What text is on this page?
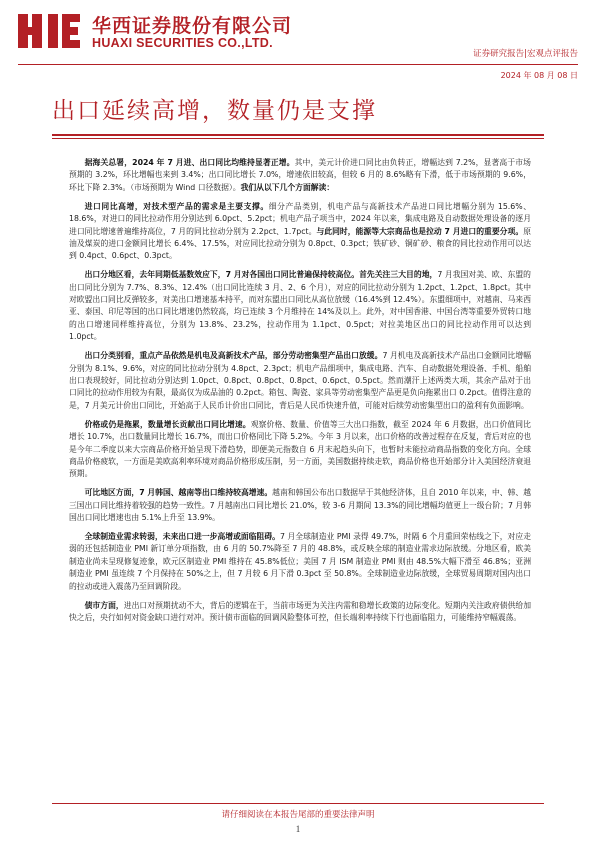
华西证券股份有限公司
HUAXI SECURITIES CO.,LTD.
证券研究报告|宏观点评报告
2024 年 08 月 08 日
出口延续高增，数量仍是支撑

据海关总署，2024 年 7 月进、出口同比均维持显著正增。其中，美元计价进口同比由负转正，增幅达到 7.2%，显著高于市场预期的 3.2%，环比增幅也来到 3.4%；出口同比增长 7.0%，增速依旧较高，但较 6 月的 8.6%略有下滑，低于市场预期的 9.6%，环比下降 2.3%。（市场预期为 Wind 口径数据）。我们从以下几个方面解读：

进口同比高增，对技术型产品的需求是主要支撑。细分产品类别，机电产品与高新技术产品进口同比增幅分别为 15.6%、18.6%，对进口的同比拉动作用分别达到 6.0pct、5.2pct；机电产品子项当中，2024 年以来，集成电路及自动数据处理设备的逐月进口同比增速普遍维持高位，7 月的同比拉动分别为 2.2pct、1.7pct。与此同时，能源等大宗商品也是拉动 7 月进口的重要分项。原油及煤炭的进口金额同比增长 6.4%、17.5%，对应同比拉动分别为 0.8pct、0.3pct；铁矿砂、铜矿砂、粮食的同比拉动作用可以达到 0.4pct、0.6pct、0.3pct。

出口分地区看，去年同期低基数效应下，7 月对各国出口同比普遍保持较高位。首先关注三大目的地，7 月我国对美、欧、东盟的出口同比分别为 7.7%、8.3%、12.4%（出口同比连续 3 月、2、6 个月），对应的同比拉动分别为 1.2pct、1.2pct、1.8pct。其中对欧盟出口同比反弹较多，对美出口增速基本持平，而对东盟出口同比从高位放缓（16.4%到 12.4%）。东盟细项中，对越南、马来西亚、泰国、印尼等国的出口同比增速仍然较高，均已连续 3 个月维持在 14%及以上。此外，对中国香港、中国台湾等重要外贸转口地的出口增速同样维持高位，分别为 13.8%、23.2%，拉动作用为 1.1pct、0.5pct；对拉美地区出口的同比拉动作用可以达到 1.0pct。

出口分类别看，重点产品依然是机电及高新技术产品，部分劳动密集型产品出口放缓。7 月机电及高新技术产品出口金额同比增幅分别为 8.1%、9.6%，对应的同比拉动分别为 4.8pct、2.3pct；机电产品细项中，集成电路、汽车、自动数据处理设备、手机、船舶出口表现较好，同比拉动分别达到 1.0pct、0.8pct、0.8pct、0.8pct、0.6pct、0.5pct。然而潮汗上述两类大项，其余产品对于出口同比的拉动作用较为有限，最高仅为成品油的 0.2pct。箱包、陶瓷、家具等劳动密集型产品更是负向拖累出口 0.2pct。值得注意的是，7 月美元计价出口同比，开始高于人民币计价出口同比，背后是人民币快速升值，可能对后续劳动密集型出口的盈利有负面影响。

价格或仍是拖累，数量增长贡献出口同比增速。观察价格、数量、价值等三大出口指数，截至 2024 年 6 月数据，出口价值同比增长 10.7%，出口数量同比增长 16.7%，而出口价格同比下降 5.2%。今年 3 月以来，出口价格的改善过程存在反复，背后对应的也是今年二季度以来大宗商品价格开始呈现下滑趋势，即便美元指数自 6 月末起趋头向下，也暂时未能拉动商品指数的变化方向。全球商品价格疲软，一方面是美欧高利率环境对商品价格形成压制，另一方面，美国数据持续走软，商品价格也开始部分计入美国经济衰退预期。

可比地区方面，7 月韩国、越南等出口维持较高增速。越南和韩国公布出口数据早于其他经济体，且自 2010 年以来，中、韩、越三国出口同比维持着较强的趋势一致性。7 月越南出口同比增长 21.0%，较 3-6 月期间 13.3%的同比增幅均值更上一级台阶；7 月韩国出口同比增速也由 5.1%上升至 13.9%。

全球制造业需求转弱，未来出口进一步高增或面临阻碍。7 月全球制造业 PMI 录得 49.7%，时隔 6 个月重回荣枯线之下，对应走弱的还包括制造业 PMI 新订单分项指数，由 6 月的 50.7%降至 7 月的 48.8%，或反映全球的制造业需求边际放缓。分地区看，欧美制造业尚未呈现修复迹象，欧元区制造业 PMI 维持在 45.8%低位；美国 7 月 ISM 制造业 PMI 则由 48.5%大幅下滑至 46.8%；亚洲制造业 PMI 虽连续 7 个月保持在 50%之上，但 7 月较 6 月下滑 0.3pct 至 50.8%。全球制造业边际放缓，全球贸易周期对国内出口的拉动或进入震荡乃至回调阶段。

债市方面，进出口对预期扰动不大，背后的逻辑在于，当前市场更为关注内需和稳增长政策的边际变化。短期内关注政府债供给加快之后，央行如何对资金缺口进行对冲。预计债市面临的回调风险整体可控，但长端利率持续下行也面临阻力，可能维持窄幅震荡。

请仔细阅读在本报告尾部的重要法律声明
1
